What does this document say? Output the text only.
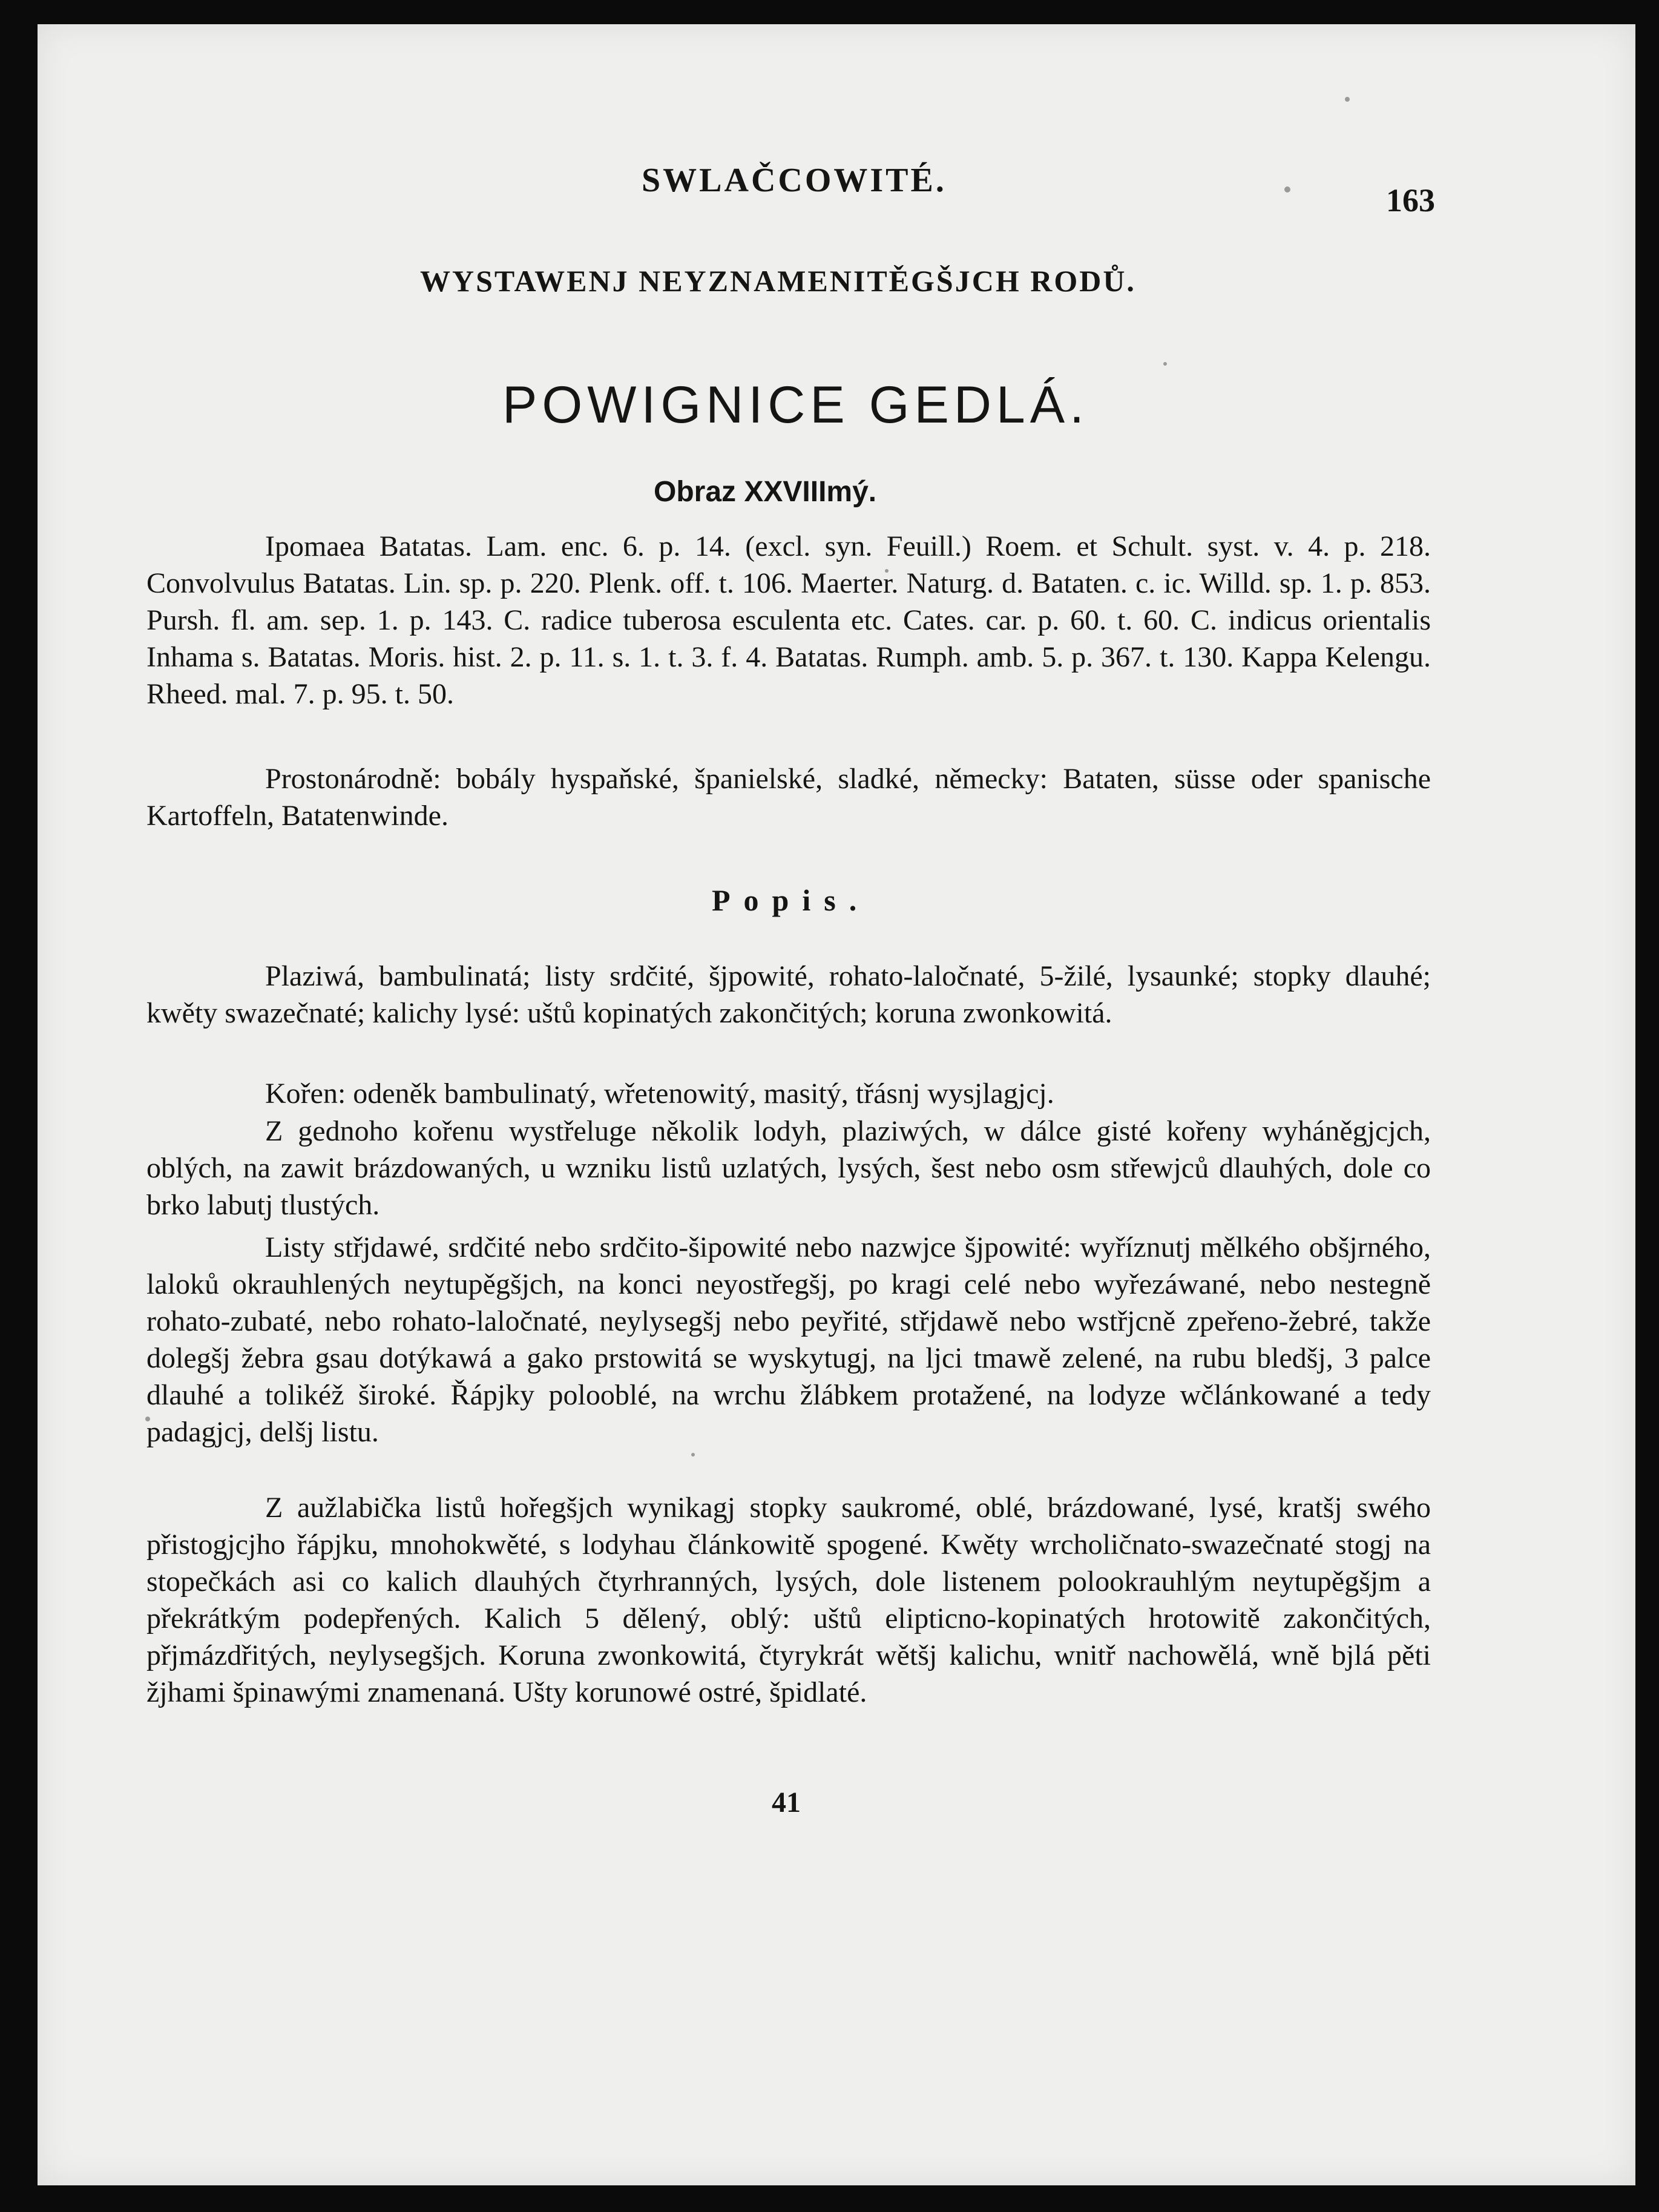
SWLAČCOWITÉ.
163
WYSTAWENJ NEYZNAMENITĚGŠJCH RODŮ.
POWIGNICE GEDLÁ.
Obraz XXVIIImý.
Ipomaea Batatas. Lam. enc. 6. p. 14. (excl. syn. Feuill.) Roem. et Schult. syst. v. 4. p. 218. Convolvulus Batatas. Lin. sp. p. 220. Plenk. off. t. 106. Maerter. Naturg. d. Bataten. c. ic. Willd. sp. 1. p. 853. Pursh. fl. am. sep. 1. p. 143. C. radice tuberosa esculenta etc. Cates. car. p. 60. t. 60. C. indicus orientalis Inhama s. Batatas. Moris. hist. 2. p. 11. s. 1. t. 3. f. 4. Batatas. Rumph. amb. 5. p. 367. t. 130. Kappa Kelengu. Rheed. mal. 7. p. 95. t. 50.
Prostonárodně: bobály hyspaňské, španielské, sladké, německy: Bataten, süsse oder spanische Kartoffeln, Batatenwinde.
Popis.

Plaziwá, bambulinatá; listy srdčité, šjpowité, rohato-laločnaté, 5-žilé, lysaunké; stopky dlauhé; kwěty swazečnaté; kalichy lysé: uštů kopinatých zakončitých; koruna zwonkowitá.

Kořen: odeněk bambulinatý, wřetenowitý, masitý, třásnj wysjlagjcj.

Z gednoho kořenu wystřeluge několik lodyh, plaziwých, w dálce gisté kořeny wyháněgjcjch, oblých, na zawit brázdowaných, u wzniku listů uzlatých, lysých, šest nebo osm střewjců dlauhých, dole co brko labutj tlustých.

Listy střjdawé, srdčité nebo srdčito-šipowité nebo nazwjce šjpowité: wyříznutj mělkého obšjrného, laloků okrauhlených neytupěgšjch, na konci neyostřegšj, po kragi celé nebo wyřezáwané, nebo nestegně rohato-zubaté, nebo rohato-laločnaté, neylysegšj nebo peyřité, střjdawě nebo wstřjcně zpeřeno-žebré, takže dolegšj žebra gsau dotýkawá a gako prstowitá se wyskytugj, na ljci tmawě zelené, na rubu bledšj, 3 palce dlauhé a tolikéž široké. Řápjky polooblé, na wrchu žlábkem protažené, na lodyze wčlánkowané a tedy padagjcj, delšj listu.

Z aužlabička listů hořegšjch wynikagj stopky saukromé, oblé, brázdowané, lysé, kratšj swého přistogjcjho řápjku, mnohokwěté, s lodyhau článkowitě spogené. Kwěty wrcholičnato-swazečnaté stogj na stopečkách asi co kalich dlauhých čtyrhranných, lysých, dole listenem polookrauhlým neytupěgšjm a překrátkým podepřených. Kalich 5 dělený, oblý: uštů elipticno-kopinatých hrotowitě zakončitých, přjmázdřitých, neylysegšjch. Koruna zwonkowitá, čtyrykrát wětšj kalichu, wnitř nachowělá, wně bjlá pěti žjhami špinawými znamenaná. Ušty korunowé ostré, špidlaté.

41
